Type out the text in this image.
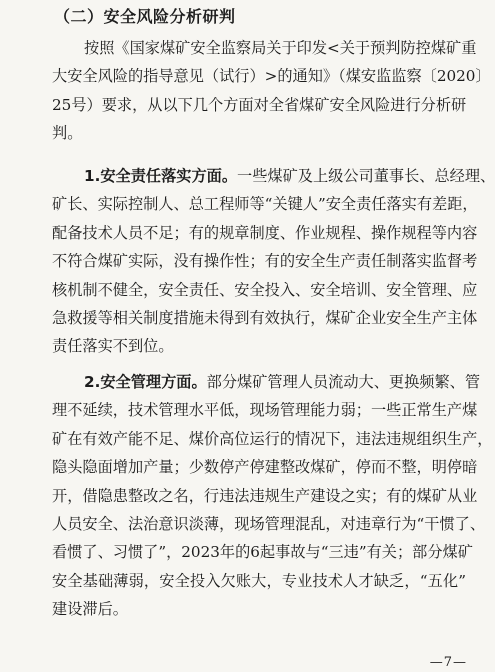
（二）安全风险分析研判
按照《国家煤矿安全监察局关于印发<关于预判防控煤矿重
大安全风险的指导意见（试行）>的通知》（煤安监监察〔2020〕
25号）要求，从以下几个方面对全省煤矿安全风险进行分析研
判。
1.安全责任落实方面。一些煤矿及上级公司董事长、总经理、
矿长、实际控制人、总工程师等“关键人”安全责任落实有差距，
配备技术人员不足；有的规章制度、作业规程、操作规程等内容
不符合煤矿实际，没有操作性；有的安全生产责任制落实监督考
核机制不健全，安全责任、安全投入、安全培训、安全管理、应
急救援等相关制度措施未得到有效执行，煤矿企业安全生产主体
责任落实不到位。
2.安全管理方面。部分煤矿管理人员流动大、更换频繁、管
理不延续，技术管理水平低，现场管理能力弱；一些正常生产煤
矿在有效产能不足、煤价高位运行的情况下，违法违规组织生产，
隐头隐面增加产量；少数停产停建整改煤矿，停而不整，明停暗
开，借隐患整改之名，行违法违规生产建设之实；有的煤矿从业
人员安全、法治意识淡薄，现场管理混乱，对违章行为“干惯了、
看惯了、习惯了”，2023年的6起事故与“三违”有关；部分煤矿
安全基础薄弱，安全投入欠账大，专业技术人才缺乏，“五化”
建设滞后。
—7—
